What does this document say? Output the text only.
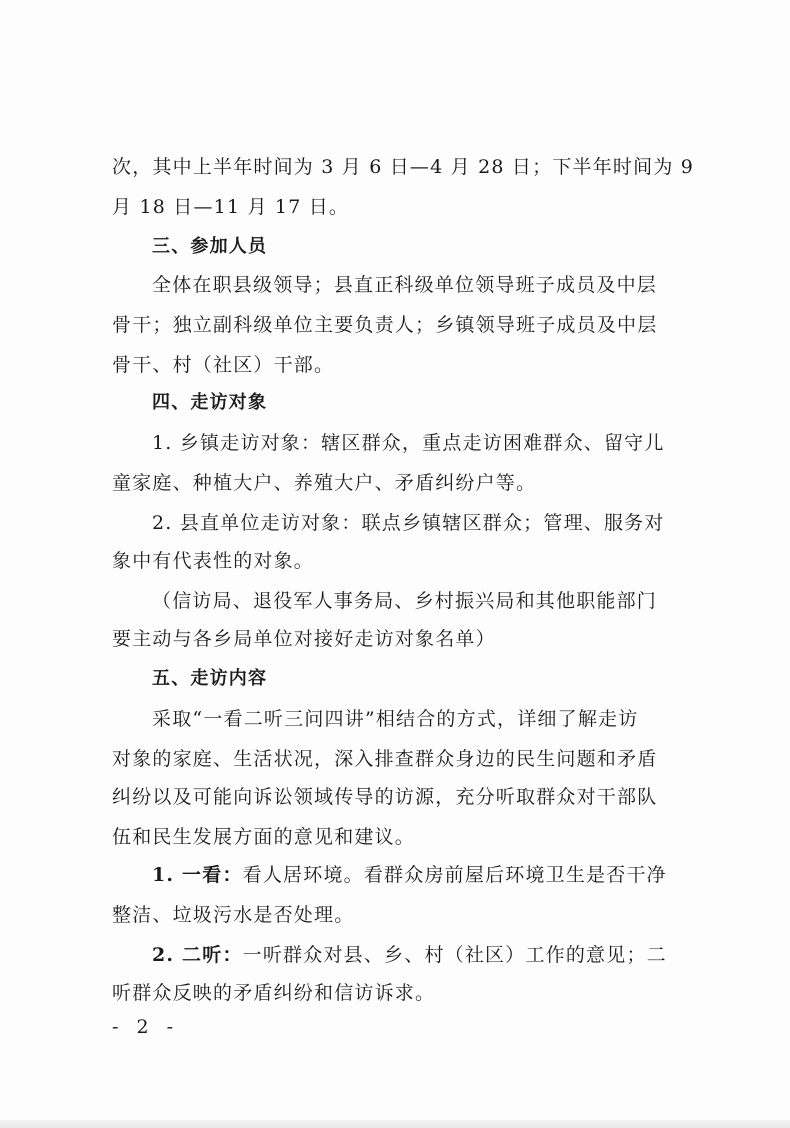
次，其中上半年时间为 3 月 6 日—4 月 28 日；下半年时间为 9
月 18 日—11 月 17 日。
三、参加人员
全体在职县级领导；县直正科级单位领导班子成员及中层
骨干；独立副科级单位主要负责人；乡镇领导班子成员及中层
骨干、村（社区）干部。
四、走访对象
1. 乡镇走访对象：辖区群众，重点走访困难群众、留守儿
童家庭、种植大户、养殖大户、矛盾纠纷户等。
2. 县直单位走访对象：联点乡镇辖区群众；管理、服务对
象中有代表性的对象。
（信访局、退役军人事务局、乡村振兴局和其他职能部门
要主动与各乡局单位对接好走访对象名单）
五、走访内容
采取“一看二听三问四讲”相结合的方式，详细了解走访
对象的家庭、生活状况，深入排查群众身边的民生问题和矛盾
纠纷以及可能向诉讼领域传导的访源，充分听取群众对干部队
伍和民生发展方面的意见和建议。
1. 一看：看人居环境。看群众房前屋后环境卫生是否干净
整洁、垃圾污水是否处理。
2. 二听：一听群众对县、乡、村（社区）工作的意见；二
听群众反映的矛盾纠纷和信访诉求。
- 2 -
